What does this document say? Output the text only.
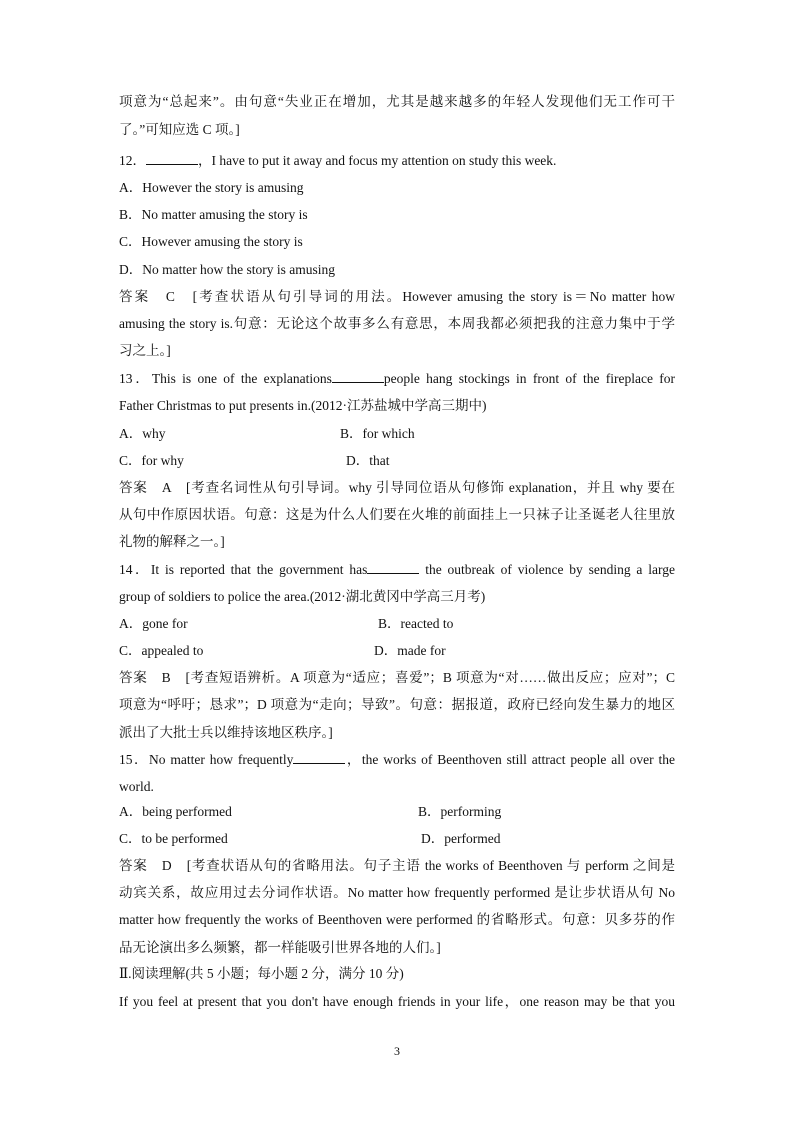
项意为“总起来”。由句意“失业正在增加，尤其是越来越多的年轻人发现他们无工作可干
了。”可知应选 C 项。]
12．	，I have to put it away and focus my attention on study this week.
A．However the story is amusing
B．No matter amusing the story is
C．However amusing the story is
D．No matter how the story is amusing
答案　C　[考查状语从句引导词的用法。However amusing the story is＝No matter how
amusing the story is.句意：无论这个故事多么有意思，本周我都必须把我的注意力集中于学
习之上。]
13．This is one of the explanations	people hang stockings in front of the fireplace for
Father Christmas to put presents in.(2012·江苏盐城中学高三期中)
A．why	B．for which
C．for why	D．that
答案　A　[考查名词性从句引导词。why 引导同位语从句修饰 explanation，并且 why 要在
从句中作原因状语。句意：这是为什么人们要在火堆的前面挂上一只袜子让圣诞老人往里放
礼物的解释之一。]
14．It is reported that the government has	the outbreak of violence by sending a large
group of soldiers to police the area.(2012·湖北黄冈中学高三月考)
A．gone for	B．reacted to
C．appealed to	D．made for
答案　B　[考查短语辨析。A 项意为“适应；喜爱”；B 项意为“对……做出反应；应对”；C
项意为“呼吁；恳求”；D 项意为“走向；导致”。句意：据报道，政府已经向发生暴力的地区
派出了大批士兵以维持该地区秩序。]
15．No matter how frequently	，the works of Beenthoven still attract people all over the
world.
A．being performed	B．performing
C．to be performed	D．performed
答案　D　[考查状语从句的省略用法。句子主语 the works of Beenthoven 与 perform 之间是
动宾关系，故应用过去分词作状语。No matter how frequently performed 是让步状语从句 No
matter how frequently the works of Beenthoven were performed 的省略形式。句意：贝多芬的作
品无论演出多么频繁，都一样能吸引世界各地的人们。]
Ⅱ.阅读理解(共 5 小题；每小题 2 分，满分 10 分)
If you feel at present that you don't have enough friends in your life，one reason may be that you
3
